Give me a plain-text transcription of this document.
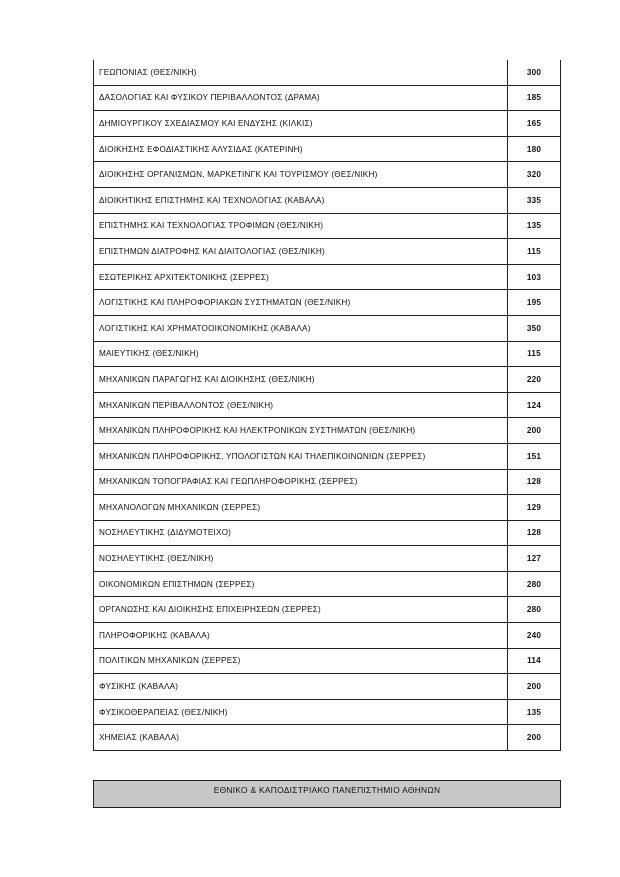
ΓΕΩΠΟΝΙΑΣ (ΘΕΣ/ΝΙΚΗ)	300
ΔΑΣΟΛΟΓΙΑΣ ΚΑΙ ΦΥΣΙΚΟΥ ΠΕΡΙΒΑΛΛΟΝΤΟΣ (ΔΡΑΜΑ)	185
ΔΗΜΙΟΥΡΓΙΚΟΥ ΣΧΕΔΙΑΣΜΟΥ ΚΑΙ ΕΝΔΥΣΗΣ (ΚΙΛΚΙΣ)	165
ΔΙΟΙΚΗΣΗΣ ΕΦΟΔΙΑΣΤΙΚΗΣ ΑΛΥΣΙΔΑΣ (ΚΑΤΕΡΙΝΗ)	180
ΔΙΟΙΚΗΣΗΣ ΟΡΓΑΝΙΣΜΩΝ, ΜΑΡΚΕΤΙΝΓΚ ΚΑΙ ΤΟΥΡΙΣΜΟΥ (ΘΕΣ/ΝΙΚΗ)	320
ΔΙΟΙΚΗΤΙΚΗΣ ΕΠΙΣΤΗΜΗΣ ΚΑΙ ΤΕΧΝΟΛΟΓΙΑΣ (ΚΑΒΑΛΑ)	335
ΕΠΙΣΤΗΜΗΣ ΚΑΙ ΤΕΧΝΟΛΟΓΙΑΣ ΤΡΟΦΙΜΩΝ (ΘΕΣ/ΝΙΚΗ)	135
ΕΠΙΣΤΗΜΩΝ ΔΙΑΤΡΟΦΗΣ ΚΑΙ ΔΙΑΙΤΟΛΟΓΙΑΣ (ΘΕΣ/ΝΙΚΗ)	115
ΕΣΩΤΕΡΙΚΗΣ ΑΡΧΙΤΕΚΤΟΝΙΚΗΣ (ΣΕΡΡΕΣ)	103
ΛΟΓΙΣΤΙΚΗΣ ΚΑΙ ΠΛΗΡΟΦΟΡΙΑΚΩΝ ΣΥΣΤΗΜΑΤΩΝ (ΘΕΣ/ΝΙΚΗ)	195
ΛΟΓΙΣΤΙΚΗΣ ΚΑΙ ΧΡΗΜΑΤΟΟΙΚΟΝΟΜΙΚΗΣ (ΚΑΒΑΛΑ)	350
ΜΑΙΕΥΤΙΚΗΣ (ΘΕΣ/ΝΙΚΗ)	115
ΜΗΧΑΝΙΚΩΝ ΠΑΡΑΓΩΓΗΣ ΚΑΙ ΔΙΟΙΚΗΣΗΣ (ΘΕΣ/ΝΙΚΗ)	220
ΜΗΧΑΝΙΚΩΝ ΠΕΡΙΒΑΛΛΟΝΤΟΣ (ΘΕΣ/ΝΙΚΗ)	124
ΜΗΧΑΝΙΚΩΝ ΠΛΗΡΟΦΟΡΙΚΗΣ ΚΑΙ ΗΛΕΚΤΡΟΝΙΚΩΝ ΣΥΣΤΗΜΑΤΩΝ (ΘΕΣ/ΝΙΚΗ)	200
ΜΗΧΑΝΙΚΩΝ ΠΛΗΡΟΦΟΡΙΚΗΣ, ΥΠΟΛΟΓΙΣΤΩΝ ΚΑΙ ΤΗΛΕΠΙΚΟΙΝΩΝΙΩΝ (ΣΕΡΡΕΣ)	151
ΜΗΧΑΝΙΚΩΝ ΤΟΠΟΓΡΑΦΙΑΣ ΚΑΙ ΓΕΩΠΛΗΡΟΦΟΡΙΚΗΣ (ΣΕΡΡΕΣ)	128
ΜΗΧΑΝΟΛΟΓΩΝ ΜΗΧΑΝΙΚΩΝ (ΣΕΡΡΕΣ)	129
ΝΟΣΗΛΕΥΤΙΚΗΣ (ΔΙΔΥΜΟΤΕΙΧΟ)	128
ΝΟΣΗΛΕΥΤΙΚΗΣ (ΘΕΣ/ΝΙΚΗ)	127
ΟΙΚΟΝΟΜΙΚΩΝ ΕΠΙΣΤΗΜΩΝ (ΣΕΡΡΕΣ)	280
ΟΡΓΑΝΩΣΗΣ ΚΑΙ ΔΙΟΙΚΗΣΗΣ ΕΠΙΧΕΙΡΗΣΕΩΝ (ΣΕΡΡΕΣ)	280
ΠΛΗΡΟΦΟΡΙΚΗΣ (ΚΑΒΑΛΑ)	240
ΠΟΛΙΤΙΚΩΝ ΜΗΧΑΝΙΚΩΝ (ΣΕΡΡΕΣ)	114
ΦΥΣΙΚΗΣ (ΚΑΒΑΛΑ)	200
ΦΥΣΙΚΟΘΕΡΑΠΕΙΑΣ (ΘΕΣ/ΝΙΚΗ)	135
ΧΗΜΕΙΑΣ (ΚΑΒΑΛΑ)	200
ΕΘΝΙΚΟ & ΚΑΠΟΔΙΣΤΡΙΑΚΟ ΠΑΝΕΠΙΣΤΗΜΙΟ ΑΘΗΝΩΝ
